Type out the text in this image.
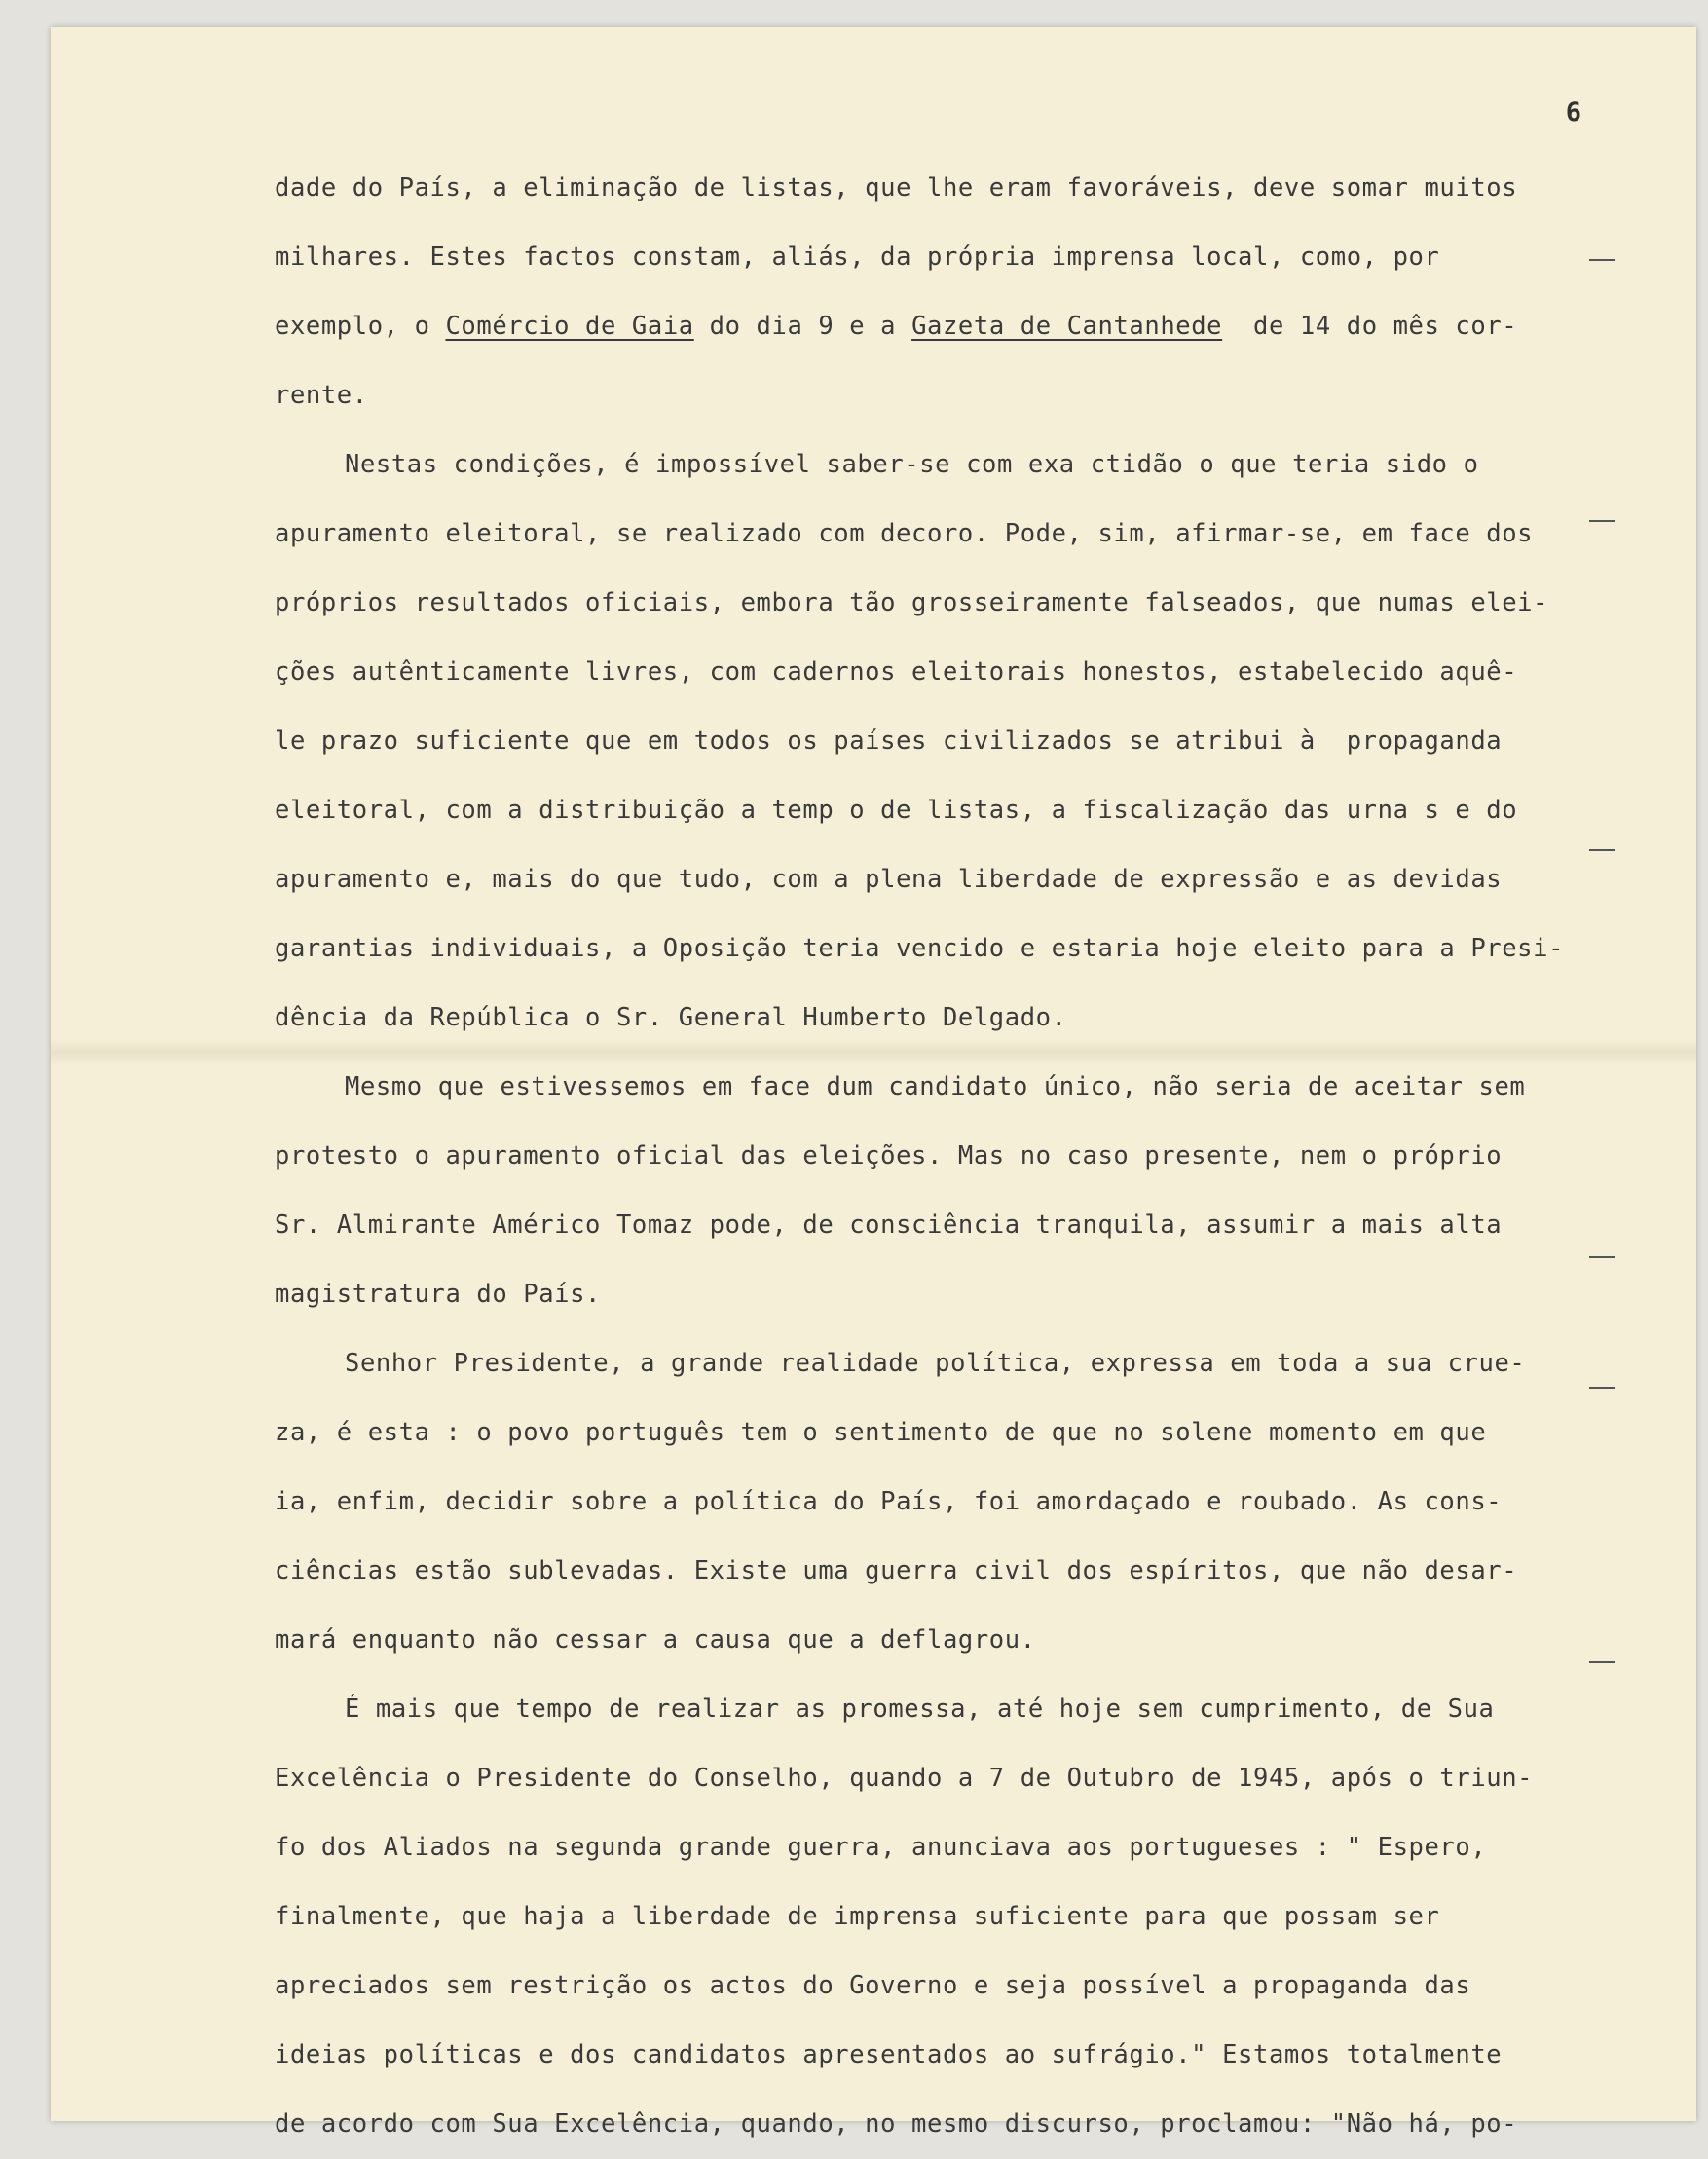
6
dade do País, a eliminação de listas, que lhe eram favoráveis, deve somar muitos
milhares. Estes factos constam, aliás, da própria imprensa local, como, por
exemplo, o Comércio de Gaia do dia 9 e a Gazeta de Cantanhede  de 14 do mês cor-
rente.
Nestas condições, é impossível saber-se com exa ctidão o que teria sido o
apuramento eleitoral, se realizado com decoro. Pode, sim, afirmar-se, em face dos
próprios resultados oficiais, embora tão grosseiramente falseados, que numas elei-
ções autênticamente livres, com cadernos eleitorais honestos, estabelecido aquê-
le prazo suficiente que em todos os países civilizados se atribui à  propaganda
eleitoral, com a distribuição a temp o de listas, a fiscalização das urna s e do
apuramento e, mais do que tudo, com a plena liberdade de expressão e as devidas
garantias individuais, a Oposição teria vencido e estaria hoje eleito para a Presi-
dência da República o Sr. General Humberto Delgado.
Mesmo que estivessemos em face dum candidato único, não seria de aceitar sem
protesto o apuramento oficial das eleições. Mas no caso presente, nem o próprio
Sr. Almirante Américo Tomaz pode, de consciência tranquila, assumir a mais alta
magistratura do País.
Senhor Presidente, a grande realidade política, expressa em toda a sua crue-
za, é esta : o povo português tem o sentimento de que no solene momento em que
ia, enfim, decidir sobre a política do País, foi amordaçado e roubado. As cons-
ciências estão sublevadas. Existe uma guerra civil dos espíritos, que não desar-
mará enquanto não cessar a causa que a deflagrou.
É mais que tempo de realizar as promessa, até hoje sem cumprimento, de Sua
Excelência o Presidente do Conselho, quando a 7 de Outubro de 1945, após o triun-
fo dos Aliados na segunda grande guerra, anunciava aos portugueses : " Espero,
finalmente, que haja a liberdade de imprensa suficiente para que possam ser
apreciados sem restrição os actos do Governo e seja possível a propaganda das
ideias políticas e dos candidatos apresentados ao sufrágio." Estamos totalmente
de acordo com Sua Excelência, quando, no mesmo discurso, proclamou: "Não há, po-
